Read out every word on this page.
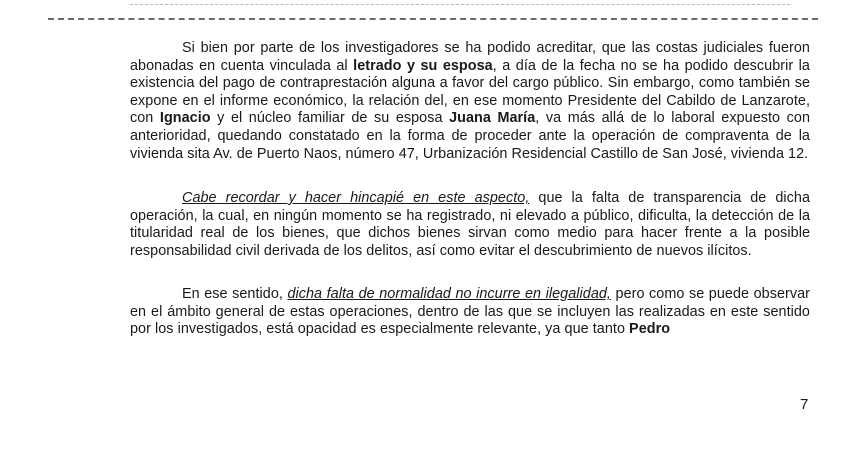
Si bien por parte de los investigadores se ha podido acreditar, que las costas judiciales fueron abonadas en cuenta vinculada al letrado y su esposa, a día de la fecha no se ha podido descubrir la existencia del pago de contraprestación alguna a favor del cargo público. Sin embargo, como también se expone en el informe económico, la relación del, en ese momento Presidente del Cabildo de Lanzarote, con Ignacio y el núcleo familiar de su esposa Juana María, va más allá de lo laboral expuesto con anterioridad, quedando constatado en la forma de proceder ante la operación de compraventa de la vivienda sita Av. de Puerto Naos, número 47, Urbanización Residencial Castillo de San José, vivienda 12.

Cabe recordar y hacer hincapié en este aspecto, que la falta de transparencia de dicha operación, la cual, en ningún momento se ha registrado, ni elevado a público, dificulta, la detección de la titularidad real de los bienes, que dichos bienes sirvan como medio para hacer frente a la posible responsabilidad civil derivada de los delitos, así como evitar el descubrimiento de nuevos ilícitos.

En ese sentido, dicha falta de normalidad no incurre en ilegalidad, pero como se puede observar en el ámbito general de estas operaciones, dentro de las que se incluyen las realizadas en este sentido por los investigados, está opacidad es especialmente relevante, ya que tanto Pedro

7
